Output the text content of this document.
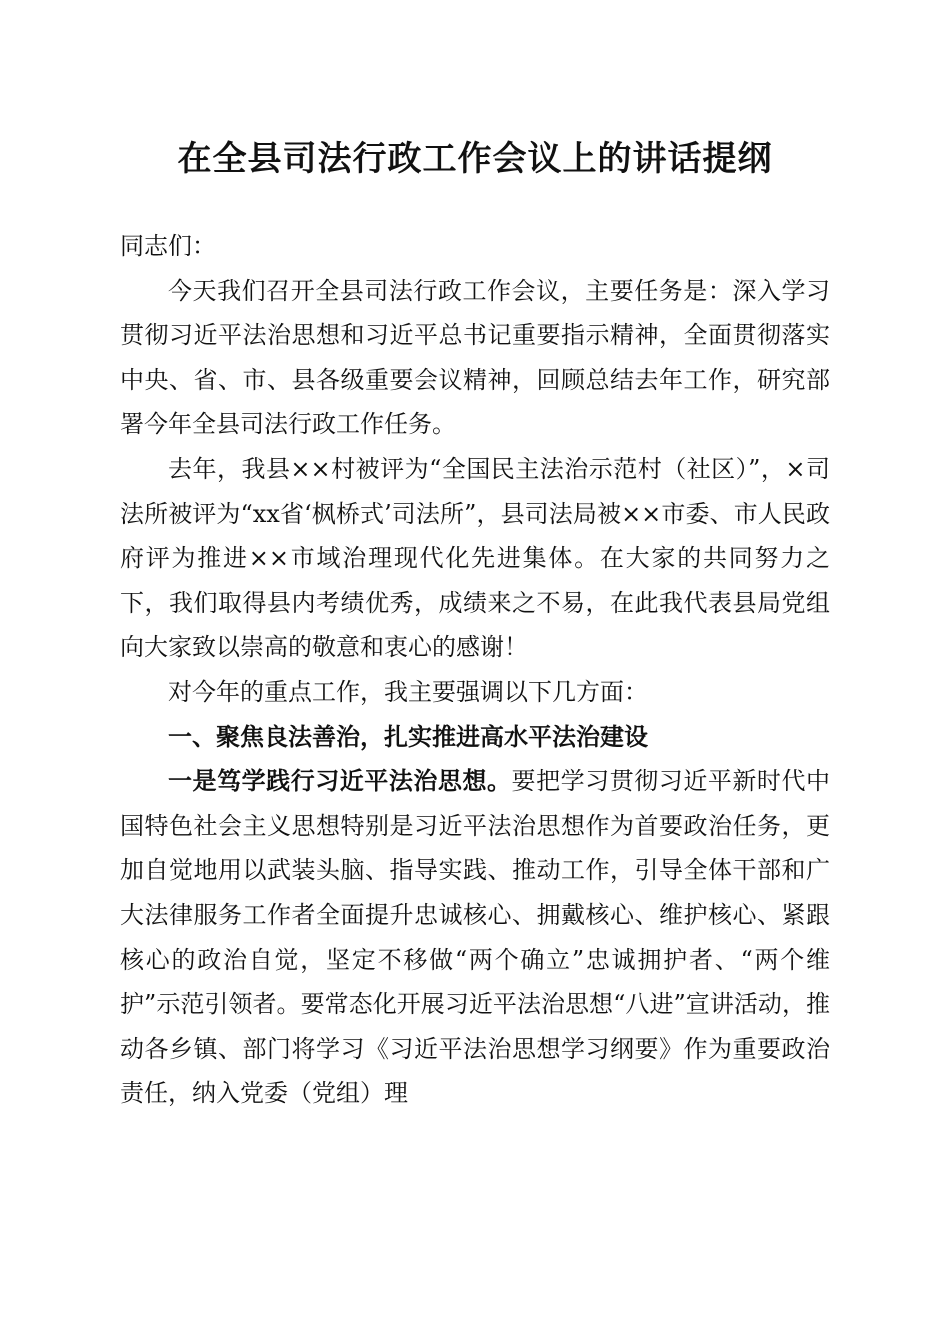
在全县司法行政工作会议上的讲话提纲

同志们：

今天我们召开全县司法行政工作会议，主要任务是：深入学习贯彻习近平法治思想和习近平总书记重要指示精神，全面贯彻落实中央、省、市、县各级重要会议精神，回顾总结去年工作，研究部署今年全县司法行政工作任务。

去年，我县××村被评为“全国民主法治示范村（社区）”，×司法所被评为“xx省‘枫桥式’司法所”，县司法局被××市委、市人民政府评为推进××市域治理现代化先进集体。在大家的共同努力之下，我们取得县内考绩优秀，成绩来之不易，在此我代表县局党组向大家致以崇高的敬意和衷心的感谢！

对今年的重点工作，我主要强调以下几方面：

一、聚焦良法善治，扎实推进高水平法治建设

一是笃学践行习近平法治思想。要把学习贯彻习近平新时代中国特色社会主义思想特别是习近平法治思想作为首要政治任务，更加自觉地用以武装头脑、指导实践、推动工作，引导全体干部和广大法律服务工作者全面提升忠诚核心、拥戴核心、维护核心、紧跟核心的政治自觉，坚定不移做“两个确立”忠诚拥护者、“两个维护”示范引领者。要常态化开展习近平法治思想“八进”宣讲活动，推动各乡镇、部门将学习《习近平法治思想学习纲要》作为重要政治责任，纳入党委（党组）理
